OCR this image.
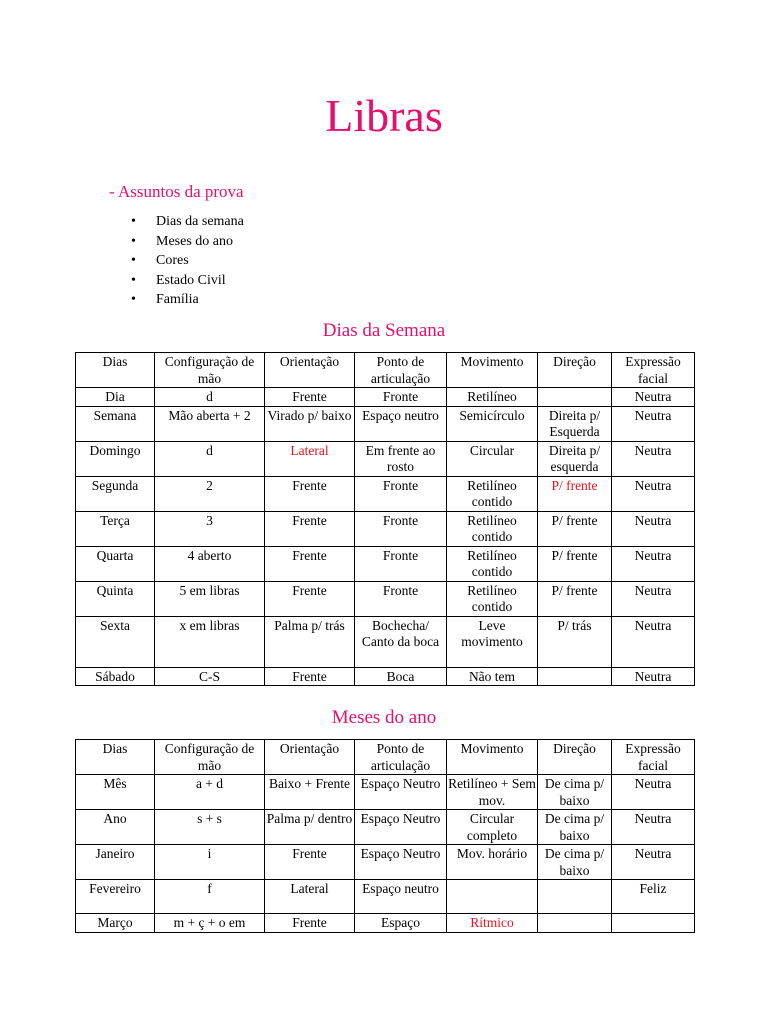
Libras
- Assuntos da prova
• Dias da semana
• Meses do ano
• Cores
• Estado Civil
• Família
Dias da Semana
Dias	Configuração de mão	Orientação	Ponto de articulação	Movimento	Direção	Expressão facial
Dia	d	Frente	Fronte	Retilíneo		Neutra
Semana	Mão aberta + 2	Virado p/ baixo	Espaço neutro	Semicírculo	Direita p/ Esquerda	Neutra
Domingo	d	Lateral	Em frente ao rosto	Circular	Direita p/ esquerda	Neutra
Segunda	2	Frente	Fronte	Retilíneo contido	P/ frente	Neutra
Terça	3	Frente	Fronte	Retilíneo contido	P/ frente	Neutra
Quarta	4 aberto	Frente	Fronte	Retilíneo contido	P/ frente	Neutra
Quinta	5 em libras	Frente	Fronte	Retilíneo contido	P/ frente	Neutra
Sexta	x em libras	Palma p/ trás	Bochecha/ Canto da boca	Leve movimento	P/ trás	Neutra
Sábado	C-S	Frente	Boca	Não tem		Neutra
Meses do ano
Dias	Configuração de mão	Orientação	Ponto de articulação	Movimento	Direção	Expressão facial
Mês	a + d	Baixo + Frente	Espaço Neutro	Retilíneo + Sem mov.	De cima p/ baixo	Neutra
Ano	s + s	Palma p/ dentro	Espaço Neutro	Circular completo	De cima p/ baixo	Neutra
Janeiro	i	Frente	Espaço Neutro	Mov. horário	De cima p/ baixo	Neutra
Fevereiro	f	Lateral	Espaço neutro			Feliz
Março	m + ç + o em	Frente	Espaço	Rítmico		
